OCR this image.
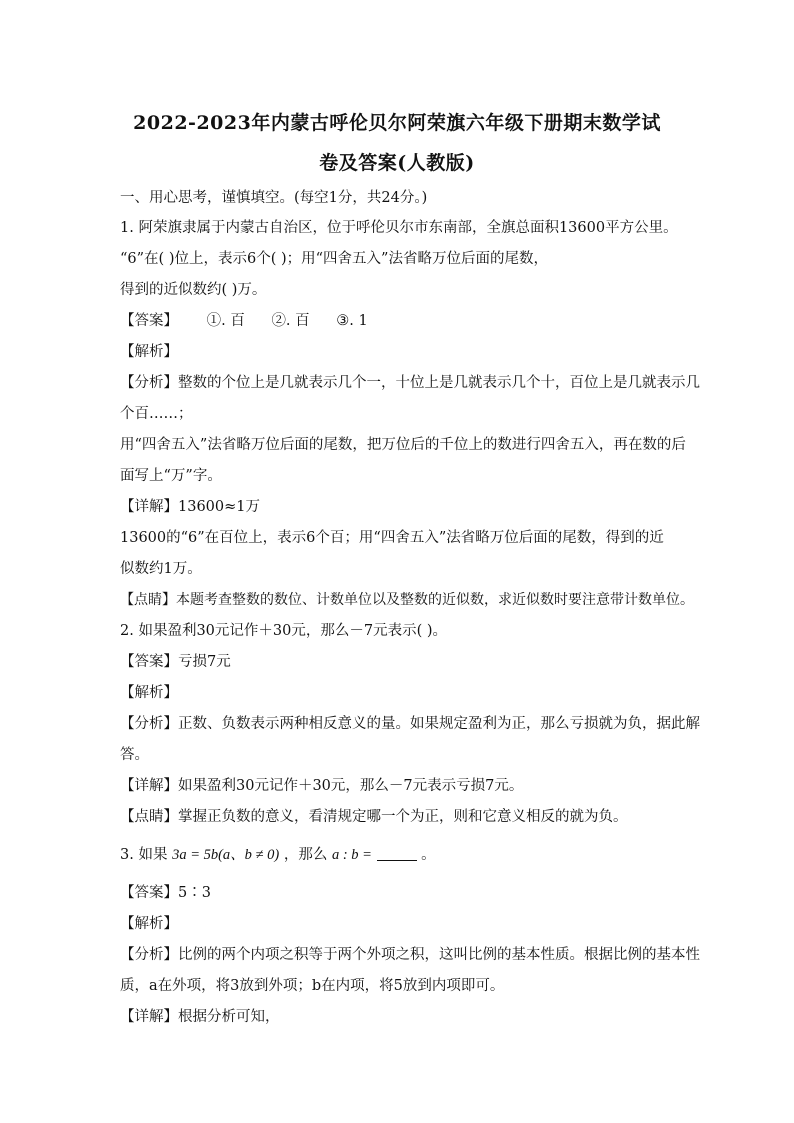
2022-2023年内蒙古呼伦贝尔阿荣旗六年级下册期末数学试
卷及答案(人教版)
一、用心思考，谨慎填空。(每空1分，共24分。)
1. 阿荣旗隶属于内蒙古自治区，位于呼伦贝尔市东南部，全旗总面积13600平方公里。
“6”在( )位上，表示6个( )；用“四舍五入”法省略万位后面的尾数，
得到的近似数约( )万。
【答案】 ①. 百 ②. 百 ③. 1
【解析】
【分析】整数的个位上是几就表示几个一，十位上是几就表示几个十，百位上是几就表示几
个百……；
用“四舍五入”法省略万位后面的尾数，把万位后的千位上的数进行四舍五入，再在数的后
面写上“万”字。
【详解】13600≈1万
13600的“6”在百位上，表示6个百；用“四舍五入”法省略万位后面的尾数，得到的近
似数约1万。
【点睛】本题考查整数的数位、计数单位以及整数的近似数，求近似数时要注意带计数单位。
2. 如果盈利30元记作＋30元，那么－7元表示( )。
【答案】亏损7元
【解析】
【分析】正数、负数表示两种相反意义的量。如果规定盈利为正，那么亏损就为负，据此解
答。
【详解】如果盈利30元记作＋30元，那么－7元表示亏损7元。
【点睛】掌握正负数的意义，看清规定哪一个为正，则和它意义相反的就为负。
3. 如果 3a = 5b(a、b ≠ 0) ，那么 a : b =	。
【答案】5∶3
【解析】
【分析】比例的两个内项之积等于两个外项之积，这叫比例的基本性质。根据比例的基本性
质，a在外项，将3放到外项；b在内项，将5放到内项即可。
【详解】根据分析可知，
